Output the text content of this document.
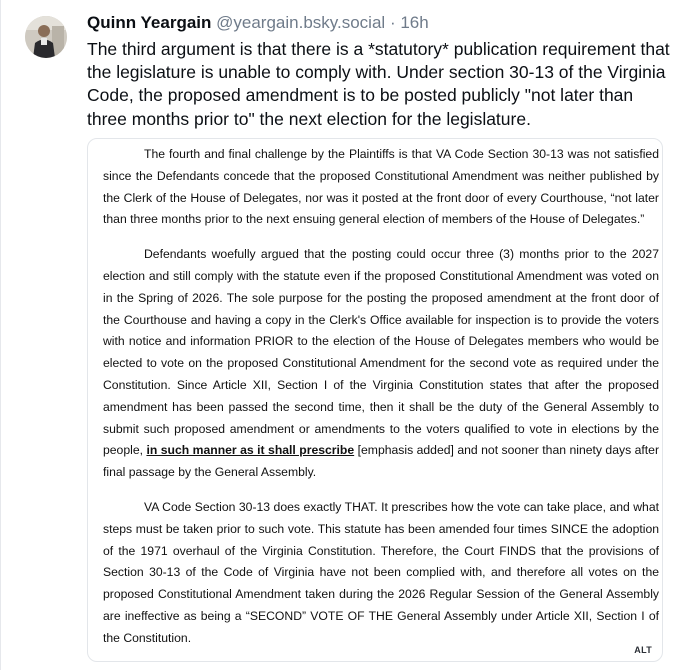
Quinn Yeargain @yeargain.bsky.social · 16h

The third argument is that there is a *statutory* publication requirement that the legislature is unable to comply with. Under section 30-13 of the Virginia Code, the proposed amendment is to be posted publicly "not later than three months prior to" the next election for the legislature.

The fourth and final challenge by the Plaintiffs is that VA Code Section 30-13 was not satisfied since the Defendants concede that the proposed Constitutional Amendment was neither published by the Clerk of the House of Delegates, nor was it posted at the front door of every Courthouse, “not later than three months prior to the next ensuing general election of members of the House of Delegates.”

Defendants woefully argued that the posting could occur three (3) months prior to the 2027 election and still comply with the statute even if the proposed Constitutional Amendment was voted on in the Spring of 2026. The sole purpose for the posting the proposed amendment at the front door of the Courthouse and having a copy in the Clerk's Office available for inspection is to provide the voters with notice and information PRIOR to the election of the House of Delegates members who would be elected to vote on the proposed Constitutional Amendment for the second vote as required under the Constitution. Since Article XII, Section I of the Virginia Constitution states that after the proposed amendment has been passed the second time, then it shall be the duty of the General Assembly to submit such proposed amendment or amendments to the voters qualified to vote in elections by the people, in such manner as it shall prescribe [emphasis added] and not sooner than ninety days after final passage by the General Assembly.

VA Code Section 30-13 does exactly THAT. It prescribes how the vote can take place, and what steps must be taken prior to such vote. This statute has been amended four times SINCE the adoption of the 1971 overhaul of the Virginia Constitution. Therefore, the Court FINDS that the provisions of Section 30-13 of the Code of Virginia have not been complied with, and therefore all votes on the proposed Constitutional Amendment taken during the 2026 Regular Session of the General Assembly are ineffective as being a “SECOND” VOTE OF THE General Assembly under Article XII, Section I of the Constitution.

ALT
